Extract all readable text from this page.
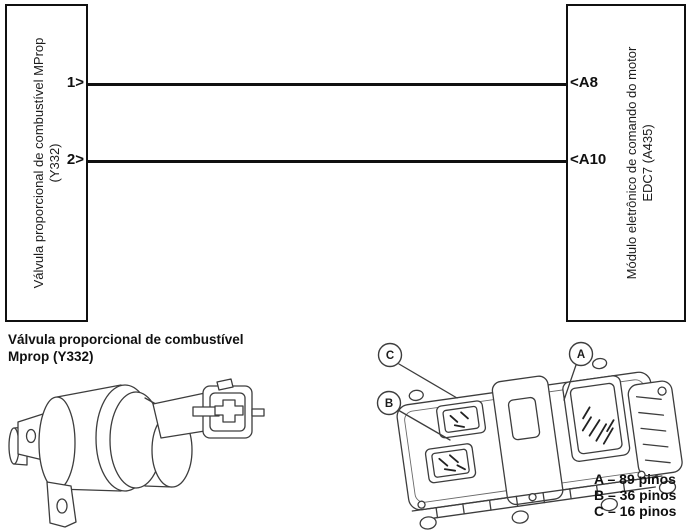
Válvula proporcional de combustível MProp (Y332)	Módulo eletrônico de comando do motor EDC7 (A435)
1>
2>
<A8
<A10
Válvula proporcional de combustível
Mprop (Y332)	C
B
A
A – 89 pinos
B – 36 pinos
C – 16 pinos
